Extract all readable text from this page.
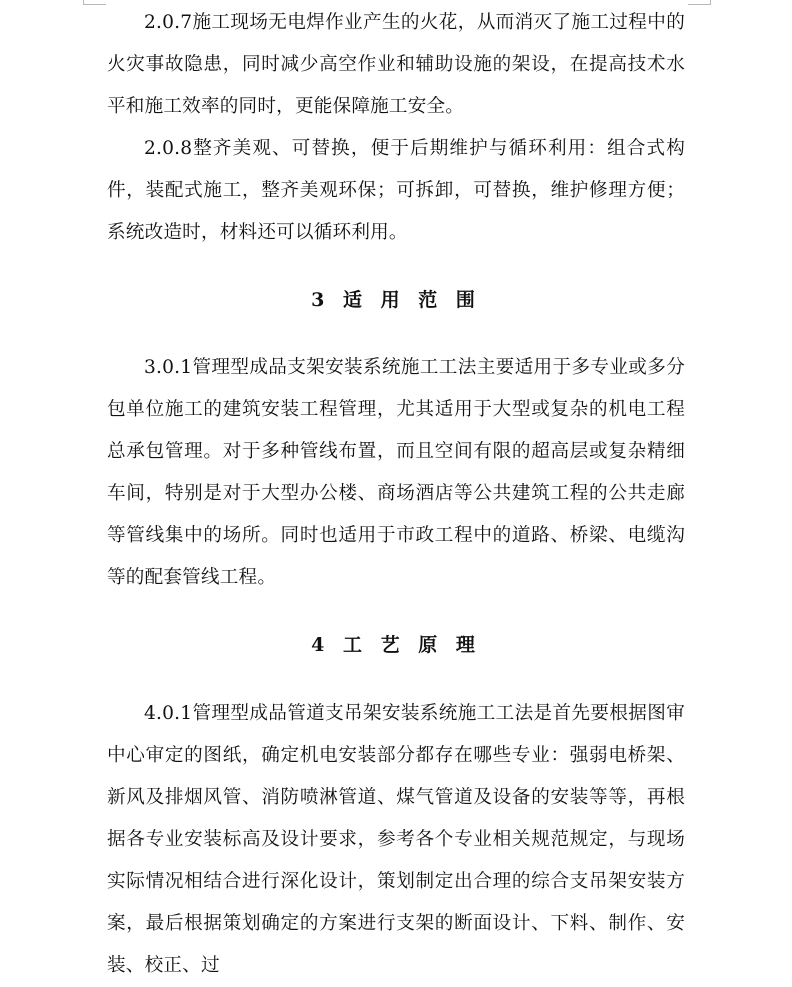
2.0.7施工现场无电焊作业产生的火花，从而消灭了施工过程中的火灾事故隐患，同时减少高空作业和辅助设施的架设，在提高技术水平和施工效率的同时，更能保障施工安全。

2.0.8整齐美观、可替换，便于后期维护与循环利用：组合式构件，装配式施工，整齐美观环保；可拆卸，可替换，维护修理方便；系统改造时，材料还可以循环利用。

3 适 用 范 围

3.0.1管理型成品支架安装系统施工工法主要适用于多专业或多分包单位施工的建筑安装工程管理，尤其适用于大型或复杂的机电工程总承包管理。对于多种管线布置，而且空间有限的超高层或复杂精细车间，特别是对于大型办公楼、商场酒店等公共建筑工程的公共走廊等管线集中的场所。同时也适用于市政工程中的道路、桥梁、电缆沟等的配套管线工程。

4 工 艺 原 理

4.0.1管理型成品管道支吊架安装系统施工工法是首先要根据图审中心审定的图纸，确定机电安装部分都存在哪些专业：强弱电桥架、新风及排烟风管、消防喷淋管道、煤气管道及设备的安装等等，再根据各专业安装标高及设计要求，参考各个专业相关规范规定，与现场实际情况相结合进行深化设计，策划制定出合理的综合支吊架安装方案，最后根据策划确定的方案进行支架的断面设计、下料、制作、安装、校正、过
